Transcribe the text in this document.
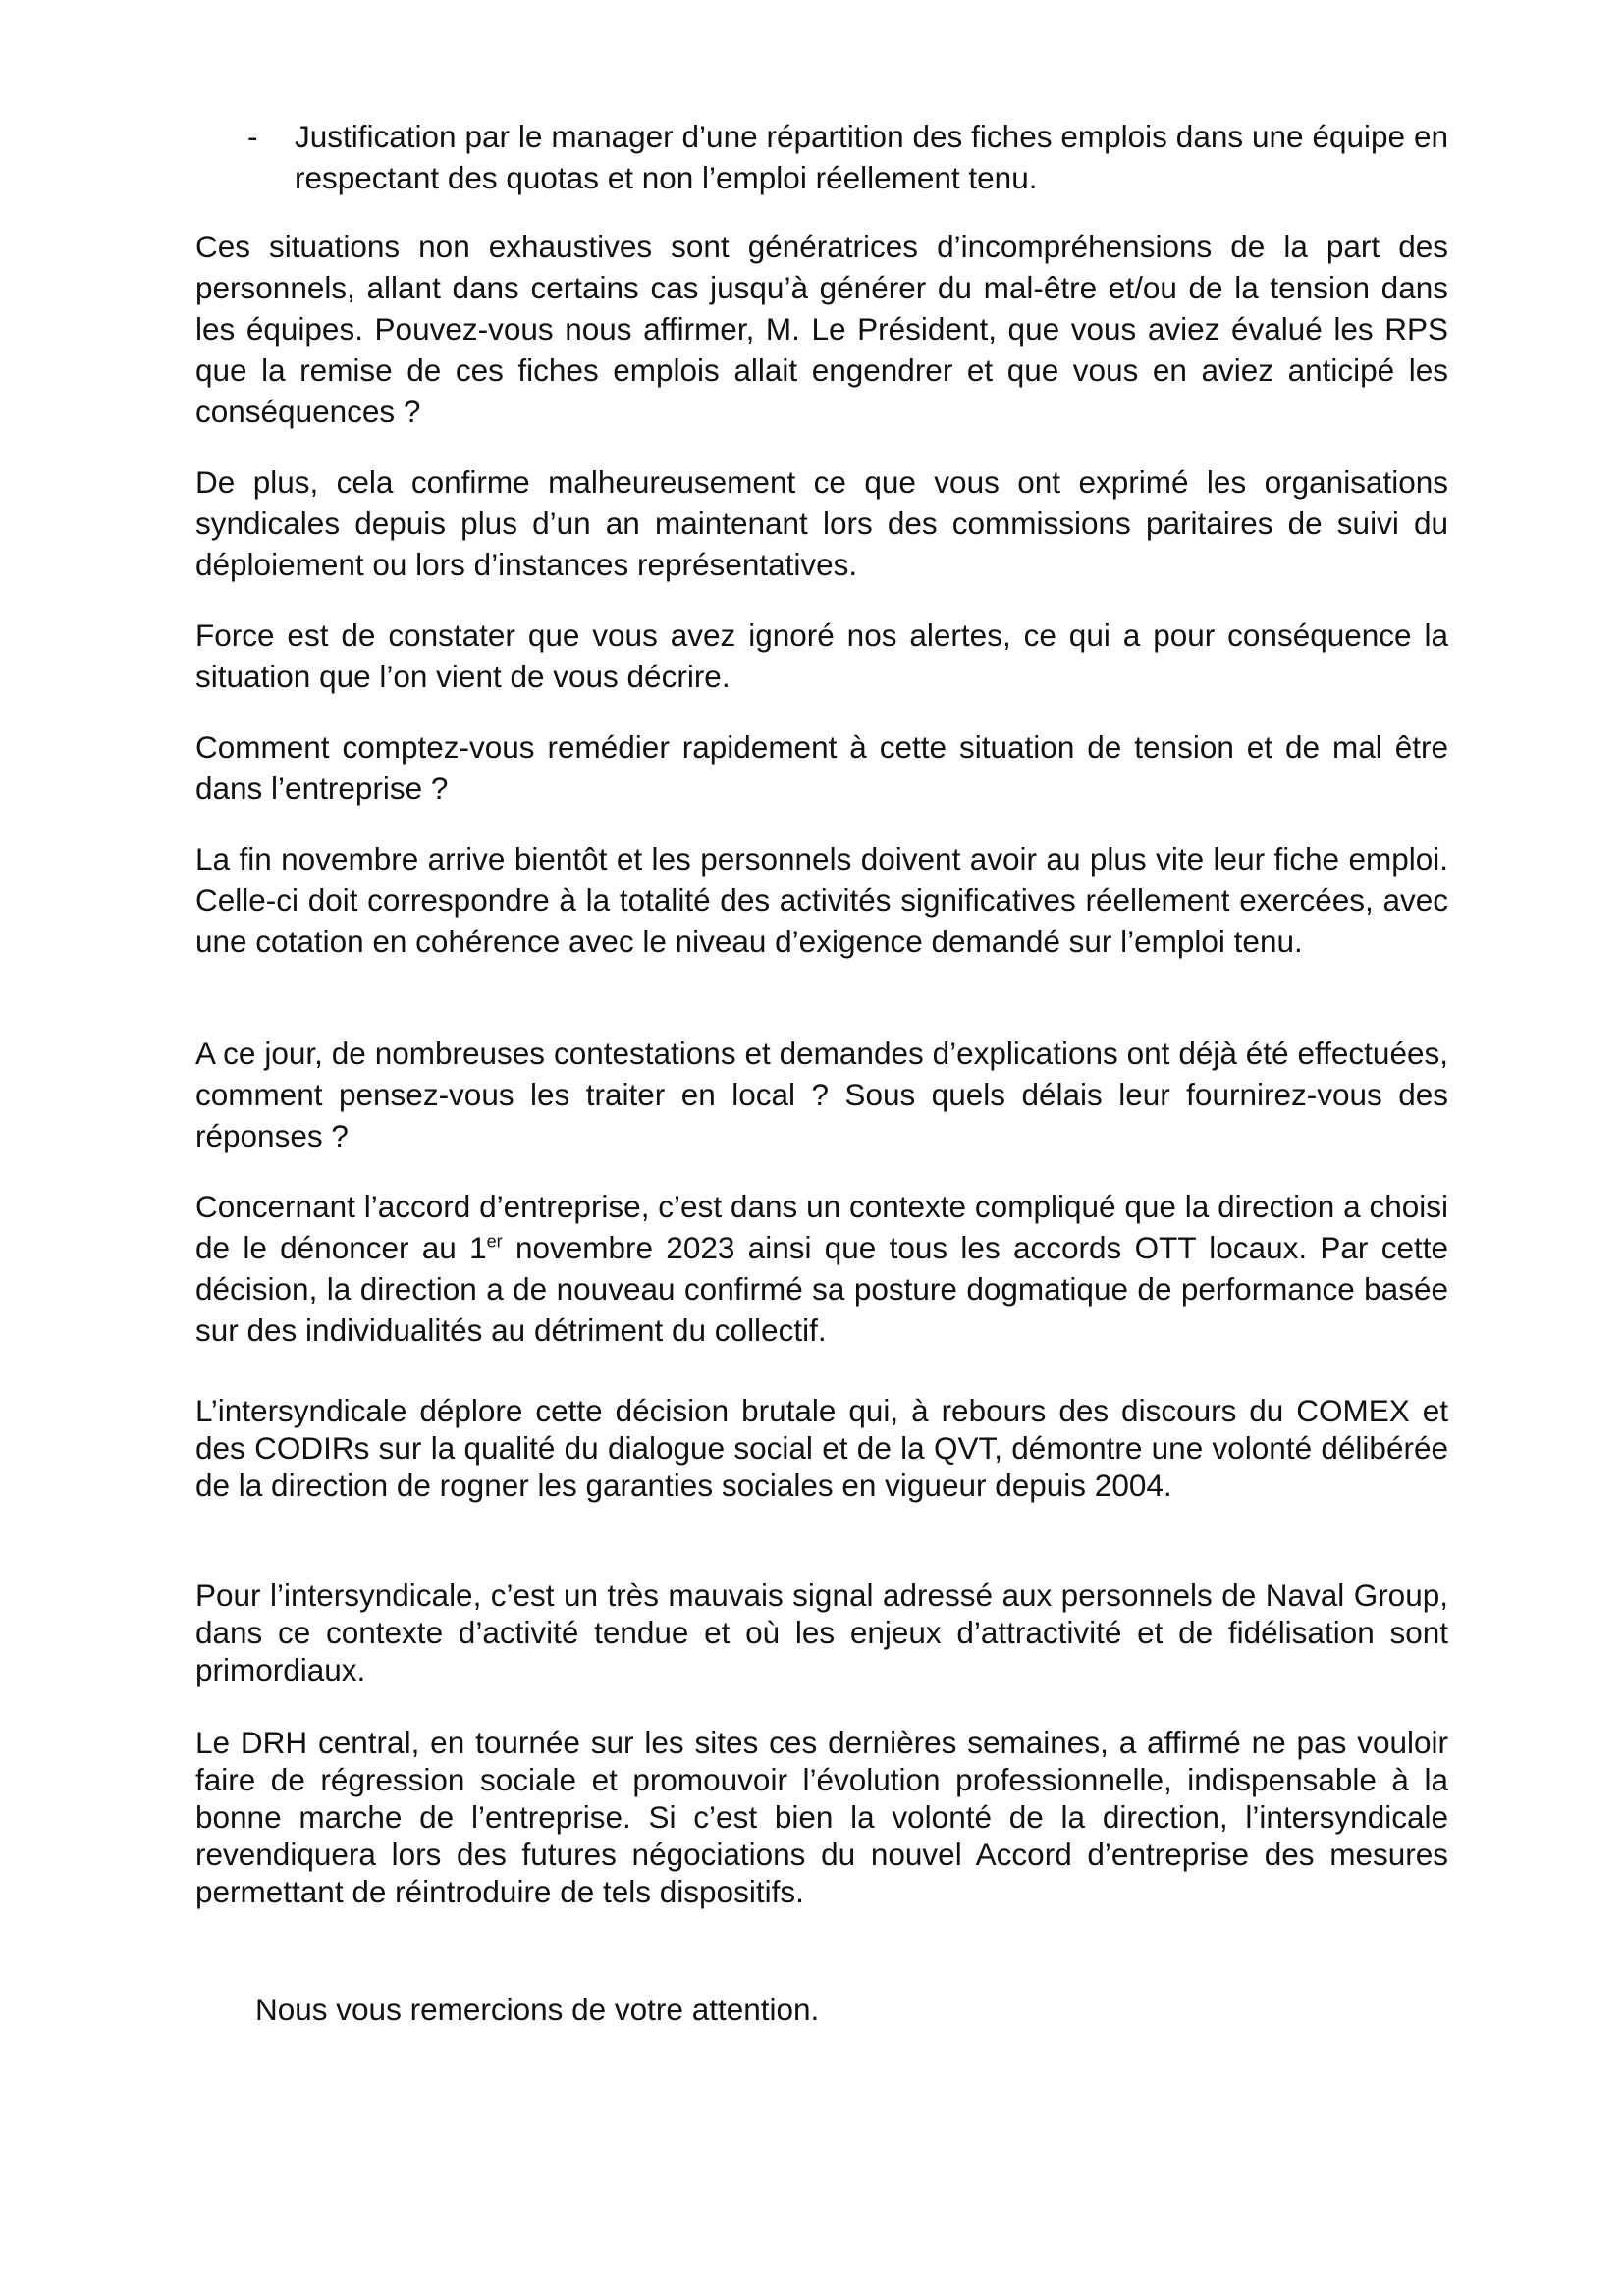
- Justification par le manager d’une répartition des fiches emplois dans une équipe en respectant des quotas et non l’emploi réellement tenu.

Ces situations non exhaustives sont génératrices d’incompréhensions de la part des personnels, allant dans certains cas jusqu’à générer du mal-être et/ou de la tension dans les équipes. Pouvez-vous nous affirmer, M. Le Président, que vous aviez évalué les RPS que la remise de ces fiches emplois allait engendrer et que vous en aviez anticipé les conséquences ?

De plus, cela confirme malheureusement ce que vous ont exprimé les organisations syndicales depuis plus d’un an maintenant lors des commissions paritaires de suivi du déploiement ou lors d’instances représentatives.

Force est de constater que vous avez ignoré nos alertes, ce qui a pour conséquence la situation que l’on vient de vous décrire.

Comment comptez-vous remédier rapidement à cette situation de tension et de mal être dans l’entreprise ?

La fin novembre arrive bientôt et les personnels doivent avoir au plus vite leur fiche emploi. Celle-ci doit correspondre à la totalité des activités significatives réellement exercées, avec une cotation en cohérence avec le niveau d’exigence demandé sur l’emploi tenu.

A ce jour, de nombreuses contestations et demandes d’explications ont déjà été effectuées, comment pensez-vous les traiter en local ? Sous quels délais leur fournirez-vous des réponses ?

Concernant l’accord d’entreprise, c’est dans un contexte compliqué que la direction a choisi de le dénoncer au 1er novembre 2023 ainsi que tous les accords OTT locaux. Par cette décision, la direction a de nouveau confirmé sa posture dogmatique de performance basée sur des individualités au détriment du collectif.

L’intersyndicale déplore cette décision brutale qui, à rebours des discours du COMEX et des CODIRs sur la qualité du dialogue social et de la QVT, démontre une volonté délibérée de la direction de rogner les garanties sociales en vigueur depuis 2004.

Pour l’intersyndicale, c’est un très mauvais signal adressé aux personnels de Naval Group, dans ce contexte d’activité tendue et où les enjeux d’attractivité et de fidélisation sont primordiaux.

Le DRH central, en tournée sur les sites ces dernières semaines, a affirmé ne pas vouloir faire de régression sociale et promouvoir l’évolution professionnelle, indispensable à la bonne marche de l’entreprise. Si c’est bien la volonté de la direction, l’intersyndicale revendiquera lors des futures négociations du nouvel Accord d’entreprise des mesures permettant de réintroduire de tels dispositifs.

Nous vous remercions de votre attention.
